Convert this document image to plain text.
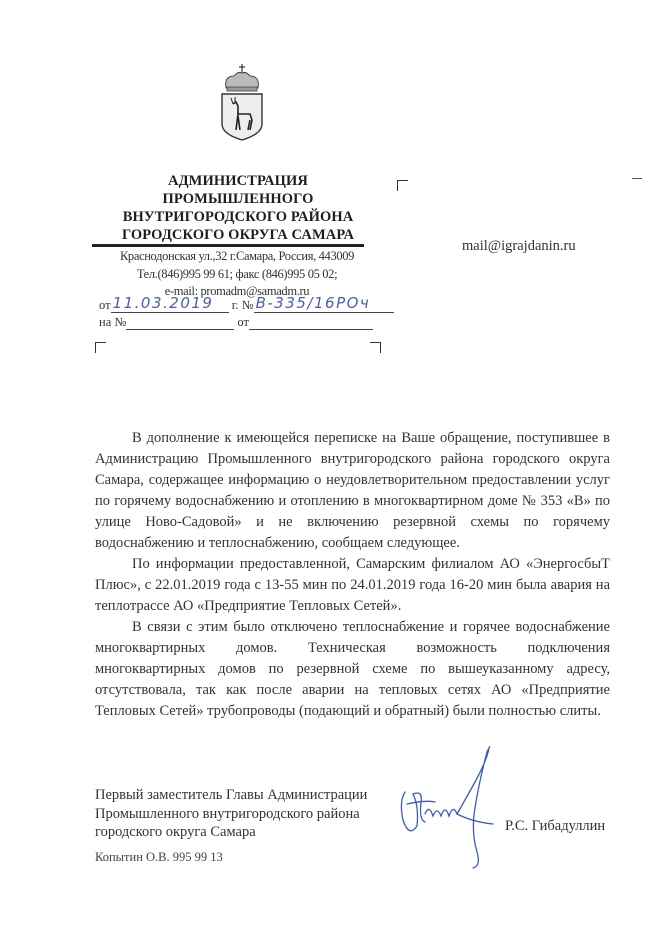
АДМИНИСТРАЦИЯ
ПРОМЫШЛЕННОГО
ВНУТРИГОРОДСКОГО РАЙОНА
ГОРОДСКОГО ОКРУГА САМАРА
Краснодонская ул.,32 г.Самара, Россия, 443009
Тел.(846)995 99 61; факс (846)995 05 02;
e-mail: promadm@samadm.ru
от 11.03.2019 г. № В-335/16РОч
на №	от
mail@igrajdanin.ru

В дополнение к имеющейся переписке на Ваше обращение, поступившее в Администрацию Промышленного внутригородского района городского округа Самара, содержащее информацию о неудовлетворительном предоставлении услуг по горячему водоснабжению и отоплению в многоквартирном доме № 353 «В» по улице Ново-Садовой» и не включению резервной схемы по горячему водоснабжению и теплоснабжению, сообщаем следующее.

По информации предоставленной, Самарским филиалом АО «ЭнергосбыТ Плюс», с 22.01.2019 года с 13-55 мин по 24.01.2019 года 16-20 мин была авария на теплотрассе АО «Предприятие Тепловых Сетей».

В связи с этим было отключено теплоснабжение и горячее водоснабжение многоквартирных домов. Техническая возможность подключения многоквартирных домов по резервной схеме по вышеуказанному адресу, отсутствовала, так как после аварии на тепловых сетях АО «Предприятие Тепловых Сетей» трубопроводы (подающий и обратный) были полностью слиты.

Первый заместитель Главы Администрации
Промышленного внутригородского района
городского округа Самара	Р.С. Гибадуллин
Копытин О.В. 995 99 13
